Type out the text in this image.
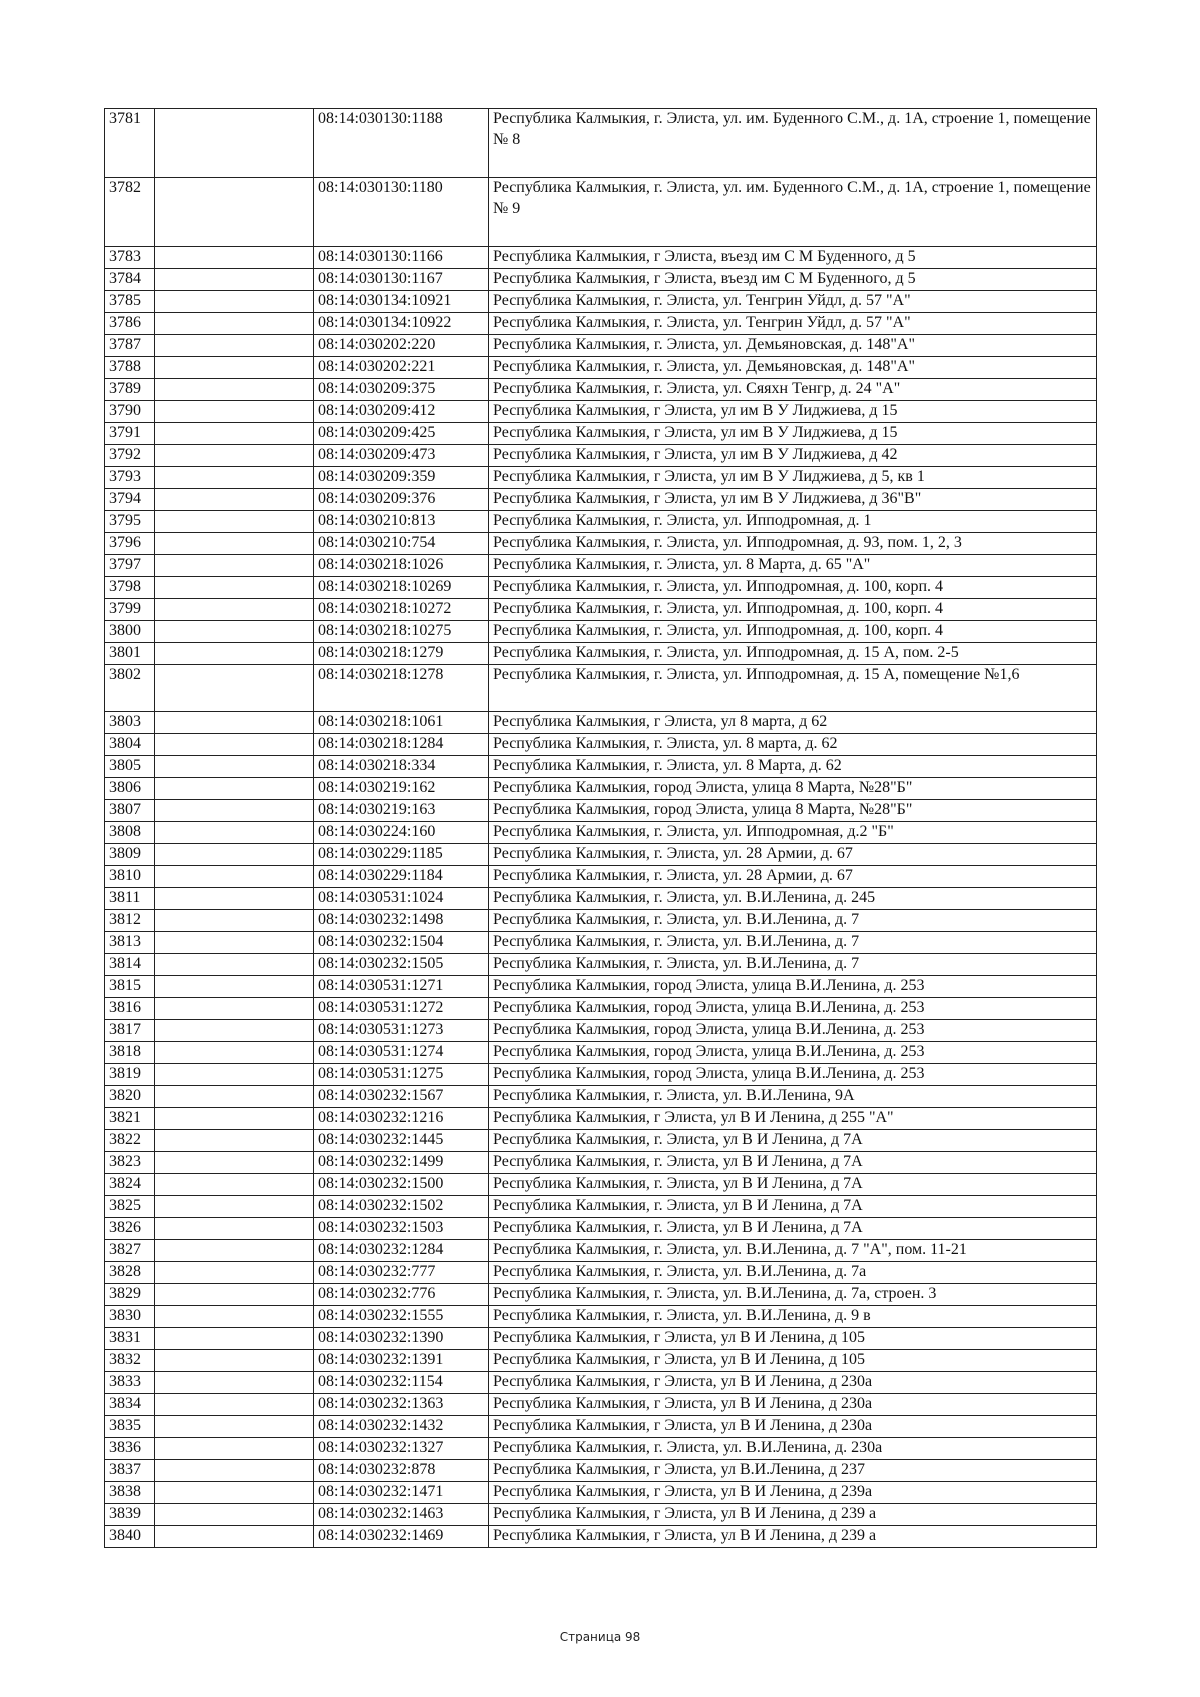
3781		08:14:030130:1188	Республика Калмыкия, г. Элиста, ул. им. Буденного С.М., д. 1А, строение 1, помещение № 8
3782		08:14:030130:1180	Республика Калмыкия, г. Элиста, ул. им. Буденного С.М., д. 1А, строение 1, помещение № 9
3783		08:14:030130:1166	Республика Калмыкия, г Элиста, въезд им С М Буденного, д 5
3784		08:14:030130:1167	Республика Калмыкия, г Элиста, въезд им С М Буденного, д 5
3785		08:14:030134:10921	Республика Калмыкия, г. Элиста, ул. Тенгрин Уйдл, д. 57 "А"
3786		08:14:030134:10922	Республика Калмыкия, г. Элиста, ул. Тенгрин Уйдл, д. 57 "А"
3787		08:14:030202:220	Республика Калмыкия, г. Элиста, ул. Демьяновская, д. 148"А"
3788		08:14:030202:221	Республика Калмыкия, г. Элиста, ул. Демьяновская, д. 148"А"
3789		08:14:030209:375	Республика Калмыкия, г. Элиста, ул. Сяяхн Тенгр, д. 24 "А"
3790		08:14:030209:412	Республика Калмыкия, г Элиста, ул им В У Лиджиева, д 15
3791		08:14:030209:425	Республика Калмыкия, г Элиста, ул им В У Лиджиева, д 15
3792		08:14:030209:473	Республика Калмыкия, г Элиста, ул им В У Лиджиева, д 42
3793		08:14:030209:359	Республика Калмыкия, г Элиста, ул им В У Лиджиева, д 5, кв 1
3794		08:14:030209:376	Республика Калмыкия, г Элиста, ул им В У Лиджиева, д 36"В"
3795		08:14:030210:813	Республика Калмыкия, г. Элиста, ул. Ипподромная, д. 1
3796		08:14:030210:754	Республика Калмыкия, г. Элиста, ул. Ипподромная, д. 93, пом. 1, 2, 3
3797		08:14:030218:1026	Республика Калмыкия, г. Элиста, ул. 8 Марта, д. 65 "А"
3798		08:14:030218:10269	Республика Калмыкия, г. Элиста, ул. Ипподромная, д. 100, корп. 4
3799		08:14:030218:10272	Республика Калмыкия, г. Элиста, ул. Ипподромная, д. 100, корп. 4
3800		08:14:030218:10275	Республика Калмыкия, г. Элиста, ул. Ипподромная, д. 100, корп. 4
3801		08:14:030218:1279	Республика Калмыкия, г. Элиста, ул. Ипподромная, д. 15 А, пом. 2-5
3802		08:14:030218:1278	Республика Калмыкия, г. Элиста, ул. Ипподромная, д. 15 А, помещение №1,6
3803		08:14:030218:1061	Республика Калмыкия, г Элиста, ул 8 марта, д 62
3804		08:14:030218:1284	Республика Калмыкия, г. Элиста, ул. 8 марта, д. 62
3805		08:14:030218:334	Республика Калмыкия, г. Элиста, ул. 8 Марта, д. 62
3806		08:14:030219:162	Республика Калмыкия, город Элиста, улица 8 Марта, №28"Б"
3807		08:14:030219:163	Республика Калмыкия, город Элиста, улица 8 Марта, №28"Б"
3808		08:14:030224:160	Республика Калмыкия, г. Элиста, ул. Ипподромная, д.2 "Б"
3809		08:14:030229:1185	Республика Калмыкия, г. Элиста, ул. 28 Армии, д. 67
3810		08:14:030229:1184	Республика Калмыкия, г. Элиста, ул. 28 Армии, д. 67
3811		08:14:030531:1024	Республика Калмыкия, г. Элиста, ул. В.И.Ленина, д. 245
3812		08:14:030232:1498	Республика Калмыкия, г. Элиста, ул. В.И.Ленина, д. 7
3813		08:14:030232:1504	Республика Калмыкия, г. Элиста, ул. В.И.Ленина, д. 7
3814		08:14:030232:1505	Республика Калмыкия, г. Элиста, ул. В.И.Ленина, д. 7
3815		08:14:030531:1271	Республика Калмыкия, город Элиста, улица В.И.Ленина, д. 253
3816		08:14:030531:1272	Республика Калмыкия, город Элиста, улица В.И.Ленина, д. 253
3817		08:14:030531:1273	Республика Калмыкия, город Элиста, улица В.И.Ленина, д. 253
3818		08:14:030531:1274	Республика Калмыкия, город Элиста, улица В.И.Ленина, д. 253
3819		08:14:030531:1275	Республика Калмыкия, город Элиста, улица В.И.Ленина, д. 253
3820		08:14:030232:1567	Республика Калмыкия, г. Элиста, ул. В.И.Ленина, 9А
3821		08:14:030232:1216	Республика Калмыкия, г Элиста, ул В И Ленина, д 255 "А"
3822		08:14:030232:1445	Республика Калмыкия, г. Элиста, ул В И Ленина, д 7А
3823		08:14:030232:1499	Республика Калмыкия, г. Элиста, ул В И Ленина, д 7А
3824		08:14:030232:1500	Республика Калмыкия, г. Элиста, ул В И Ленина, д 7А
3825		08:14:030232:1502	Республика Калмыкия, г. Элиста, ул В И Ленина, д 7А
3826		08:14:030232:1503	Республика Калмыкия, г. Элиста, ул В И Ленина, д 7А
3827		08:14:030232:1284	Республика Калмыкия, г. Элиста, ул. В.И.Ленина, д. 7 "А", пом. 11-21
3828		08:14:030232:777	Республика Калмыкия, г. Элиста, ул. В.И.Ленина, д. 7а
3829		08:14:030232:776	Республика Калмыкия, г. Элиста, ул. В.И.Ленина, д. 7а, строен. 3
3830		08:14:030232:1555	Республика Калмыкия, г. Элиста, ул. В.И.Ленина, д. 9 в
3831		08:14:030232:1390	Республика Калмыкия, г Элиста, ул В И Ленина, д 105
3832		08:14:030232:1391	Республика Калмыкия, г Элиста, ул В И Ленина, д 105
3833		08:14:030232:1154	Республика Калмыкия, г Элиста, ул В И Ленина, д 230а
3834		08:14:030232:1363	Республика Калмыкия, г Элиста, ул В И Ленина, д 230а
3835		08:14:030232:1432	Республика Калмыкия, г Элиста, ул В И Ленина, д 230а
3836		08:14:030232:1327	Республика Калмыкия, г. Элиста, ул. В.И.Ленина, д. 230а
3837		08:14:030232:878	Республика Калмыкия, г Элиста, ул В.И.Ленина, д 237
3838		08:14:030232:1471	Республика Калмыкия, г Элиста, ул В И Ленина, д 239а
3839		08:14:030232:1463	Республика Калмыкия, г Элиста, ул В И Ленина, д 239 а
3840		08:14:030232:1469	Республика Калмыкия, г Элиста, ул В И Ленина, д 239 а
Страница 98
